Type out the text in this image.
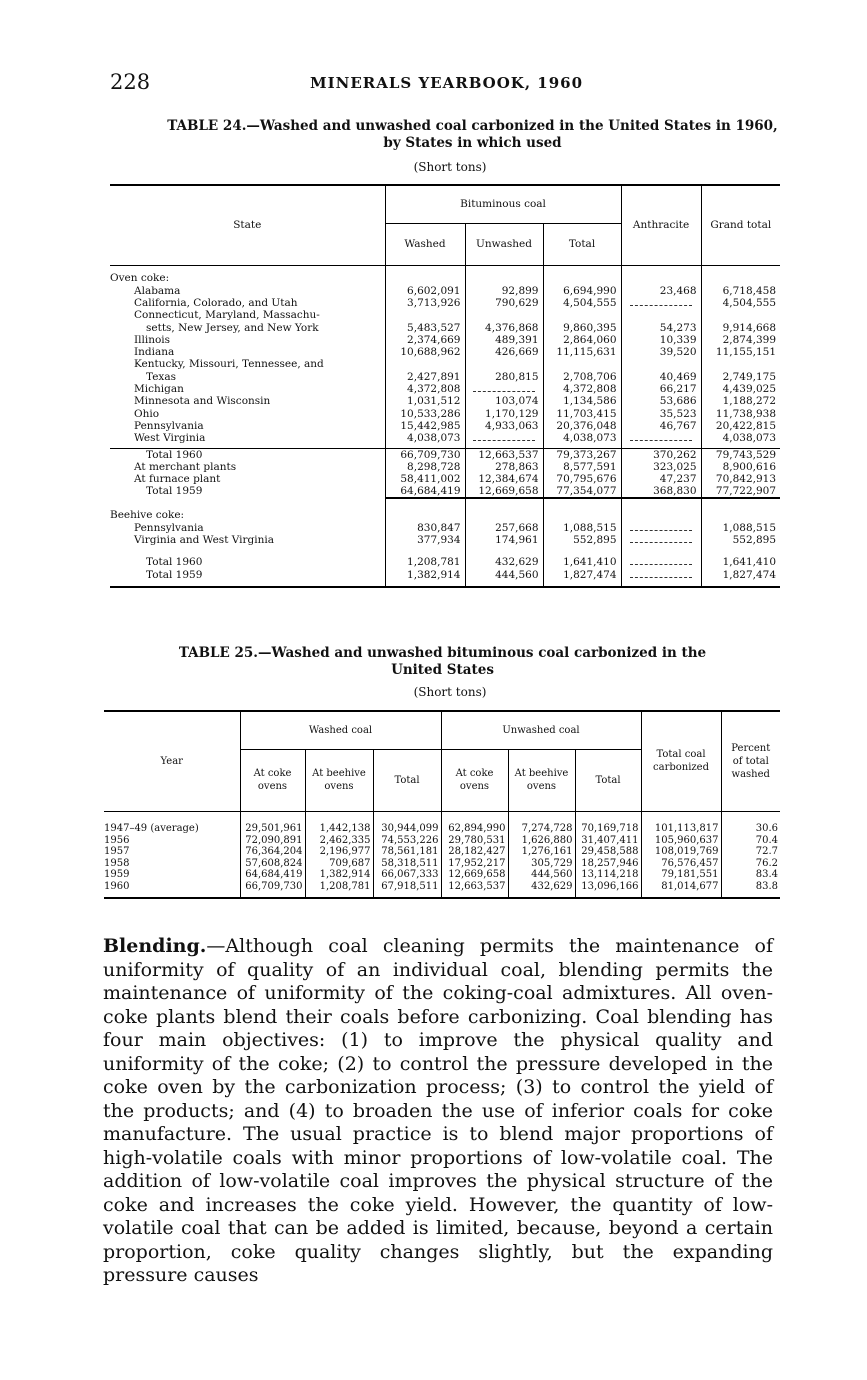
228	MINERALS YEARBOOK, 1960
TABLE 24.—Washed and unwashed coal carbonized in the United States in 1960,
by States in which used
(Short tons)
State	Bituminous coal			Anthracite	Grand total
	Washed	Unwashed	Total		

Oven coke:					
Alabama	6,602,091	92,899	6,694,990	23,468	6,718,458
California, Colorado, and Utah	3,713,926	790,629	4,504,555		4,504,555
Connecticut, Maryland, Massachu-					
setts, New Jersey, and New York	5,483,527	4,376,868	9,860,395	54,273	9,914,668
Illinois	2,374,669	489,391	2,864,060	10,339	2,874,399
Indiana	10,688,962	426,669	11,115,631	39,520	11,155,151
Kentucky, Missouri, Tennessee, and					
Texas	2,427,891	280,815	2,708,706	40,469	2,749,175
Michigan	4,372,808		4,372,808	66,217	4,439,025
Minnesota and Wisconsin	1,031,512	103,074	1,134,586	53,686	1,188,272
Ohio	10,533,286	1,170,129	11,703,415	35,523	11,738,938
Pennsylvania	15,442,985	4,933,063	20,376,048	46,767	20,422,815
West Virginia	4,038,073		4,038,073		4,038,073

Total 1960	66,709,730	12,663,537	79,373,267	370,262	79,743,529
At merchant plants	8,298,728	278,863	8,577,591	323,025	8,900,616
At furnace plant	58,411,002	12,384,674	70,795,676	47,237	70,842,913
Total 1959	64,684,419	12,669,658	77,354,077	368,830	77,722,907

Beehive coke:					
Pennsylvania	830,847	257,668	1,088,515		1,088,515
Virginia and West Virginia	377,934	174,961	552,895		552,895

Total 1960	1,208,781	432,629	1,641,410		1,641,410
Total 1959	1,382,914	444,560	1,827,474		1,827,474

TABLE 25.—Washed and unwashed bituminous coal carbonized in the
United States
(Short tons)
Year	Washed coal			Unwashed coal			Total coal carbonized	Percent of total washed
	At coke ovens	At beehive ovens	Total	At coke ovens	At beehive ovens	Total		

1947–49 (average)	29,501,961	1,442,138	30,944,099	62,894,990	7,274,728	70,169,718	101,113,817	30.6
1956	72,090,891	2,462,335	74,553,226	29,780,531	1,626,880	31,407,411	105,960,637	70.4
1957	76,364,204	2,196,977	78,561,181	28,182,427	1,276,161	29,458,588	108,019,769	72.7
1958	57,608,824	709,687	58,318,511	17,952,217	305,729	18,257,946	76,576,457	76.2
1959	64,684,419	1,382,914	66,067,333	12,669,658	444,560	13,114,218	79,181,551	83.4
1960	66,709,730	1,208,781	67,918,511	12,663,537	432,629	13,096,166	81,014,677	83.8

Blending.—Although coal cleaning permits the maintenance of uniformity of quality of an individual coal, blending permits the maintenance of uniformity of the coking-coal admixtures. All oven-coke plants blend their coals before carbonizing. Coal blending has four main objectives: (1) to improve the physical quality and uniformity of the coke; (2) to control the pressure developed in the coke oven by the carbonization process; (3) to control the yield of the products; and (4) to broaden the use of inferior coals for coke manufacture. The usual practice is to blend major proportions of high-volatile coals with minor proportions of low-volatile coal. The addition of low-volatile coal improves the physical structure of the coke and increases the coke yield. However, the quantity of low-volatile coal that can be added is limited, because, beyond a certain proportion, coke quality changes slightly, but the expanding pressure causes
